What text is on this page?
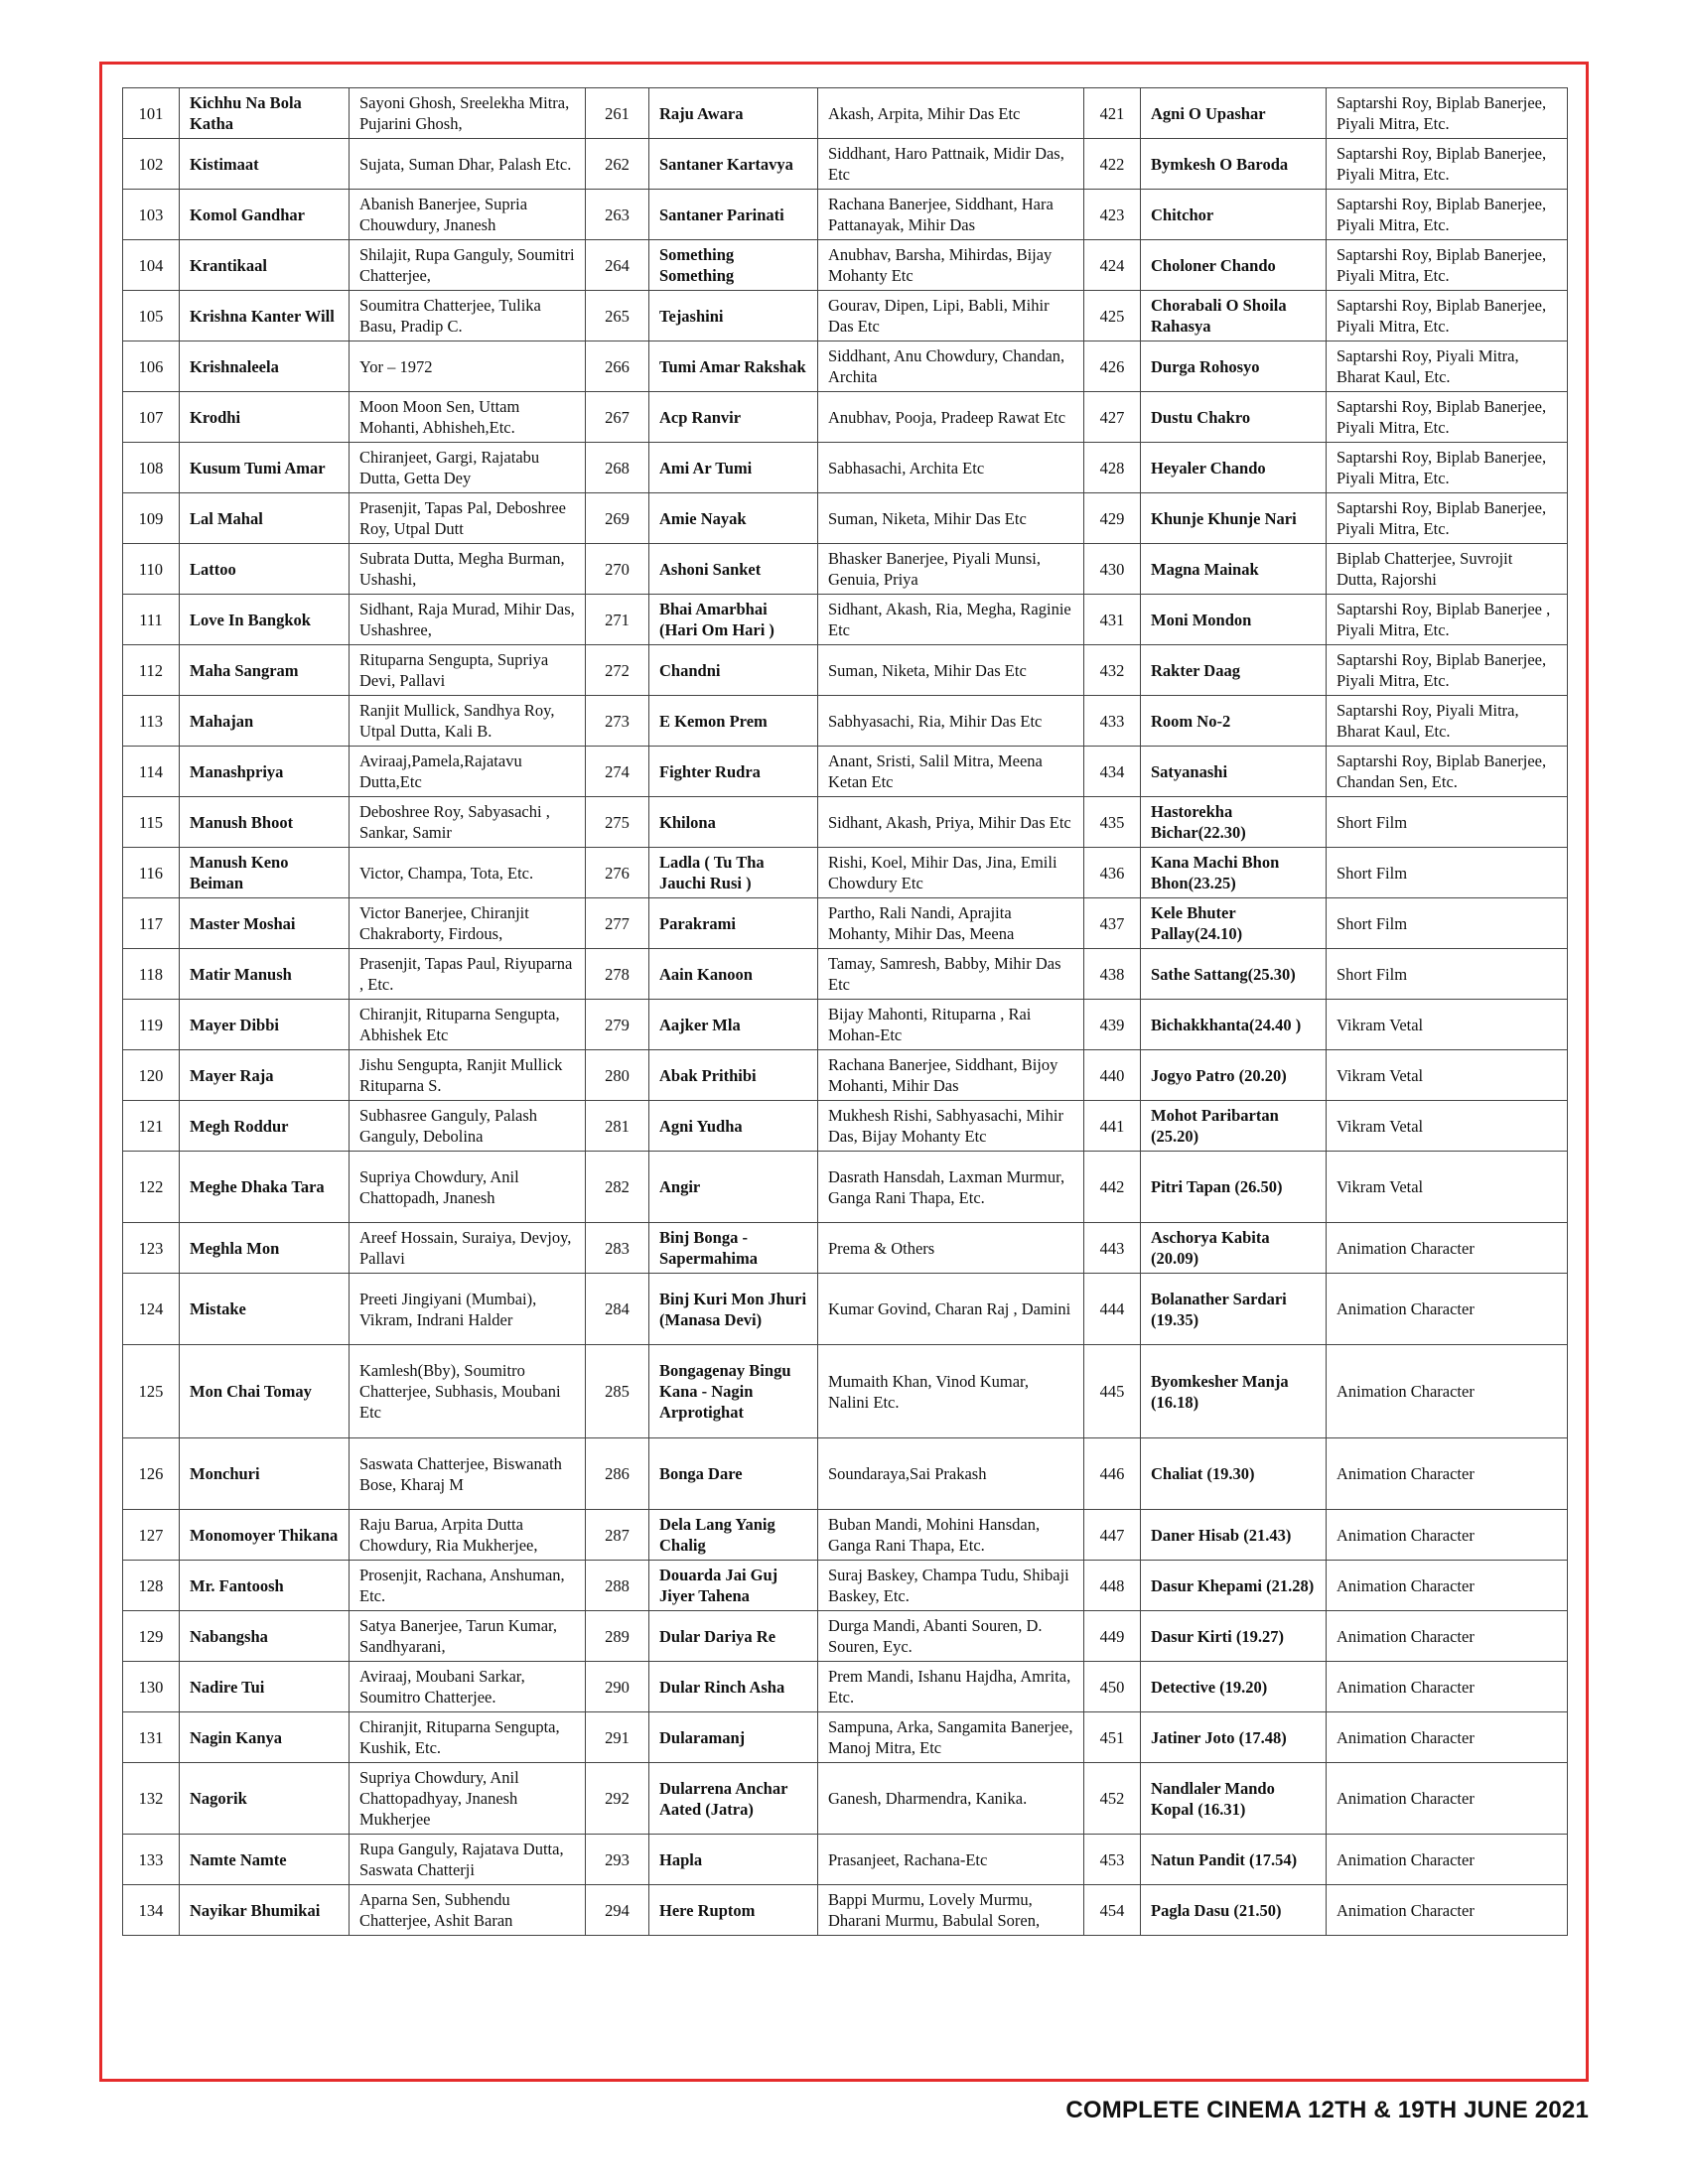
101	Kichhu Na Bola Katha	Sayoni Ghosh, Sreelekha Mitra, Pujarini Ghosh,	261	Raju Awara	Akash, Arpita, Mihir Das Etc	421	Agni O Upashar	Saptarshi Roy, Biplab Banerjee, Piyali Mitra, Etc.
102	Kistimaat	Sujata, Suman Dhar, Palash Etc.	262	Santaner Kartavya	Siddhant, Haro Pattnaik, Midir Das, Etc	422	Bymkesh O Baroda	Saptarshi Roy, Biplab Banerjee, Piyali Mitra, Etc.
103	Komol Gandhar	Abanish Banerjee, Supria Chouwdury, Jnanesh	263	Santaner Parinati	Rachana Banerjee, Siddhant, Hara Pattanayak, Mihir Das	423	Chitchor	Saptarshi Roy, Biplab Banerjee, Piyali Mitra, Etc.
104	Krantikaal	Shilajit, Rupa Ganguly, Soumitri Chatterjee,	264	Something Something	Anubhav, Barsha, Mihirdas, Bijay Mohanty Etc	424	Choloner Chando	Saptarshi Roy, Biplab Banerjee, Piyali Mitra, Etc.
105	Krishna Kanter Will	Soumitra Chatterjee, Tulika Basu, Pradip C.	265	Tejashini	Gourav, Dipen, Lipi, Babli, Mihir Das Etc	425	Chorabali O Shoila Rahasya	Saptarshi Roy, Biplab Banerjee, Piyali Mitra, Etc.
106	Krishnaleela	Yor – 1972	266	Tumi Amar Rakshak	Siddhant, Anu Chowdury, Chandan, Archita	426	Durga Rohosyo	Saptarshi Roy, Piyali Mitra, Bharat Kaul, Etc.
107	Krodhi	Moon Moon Sen, Uttam Mohanti, Abhisheh,Etc.	267	Acp Ranvir	Anubhav, Pooja, Pradeep Rawat Etc	427	Dustu Chakro	Saptarshi Roy, Biplab Banerjee, Piyali Mitra, Etc.
108	Kusum Tumi Amar	Chiranjeet, Gargi, Rajatabu Dutta, Getta Dey	268	Ami Ar Tumi	Sabhasachi, Archita Etc	428	Heyaler Chando	Saptarshi Roy, Biplab Banerjee, Piyali Mitra, Etc.
109	Lal Mahal	Prasenjit, Tapas Pal, Deboshree Roy, Utpal Dutt	269	Amie Nayak	Suman, Niketa, Mihir Das Etc	429	Khunje Khunje Nari	Saptarshi Roy, Biplab Banerjee, Piyali Mitra, Etc.
110	Lattoo	Subrata Dutta, Megha Burman, Ushashi,	270	Ashoni Sanket	Bhasker Banerjee, Piyali Munsi, Genuia, Priya	430	Magna Mainak	Biplab Chatterjee, Suvrojit Dutta, Rajorshi
111	Love In Bangkok	Sidhant, Raja Murad, Mihir Das, Ushashree,	271	Bhai Amarbhai (Hari Om Hari )	Sidhant, Akash, Ria, Megha, Raginie Etc	431	Moni Mondon	Saptarshi Roy, Biplab Banerjee , Piyali Mitra, Etc.
112	Maha Sangram	Rituparna Sengupta, Supriya Devi, Pallavi	272	Chandni	Suman, Niketa, Mihir Das Etc	432	Rakter Daag	Saptarshi Roy, Biplab Banerjee, Piyali Mitra, Etc.
113	Mahajan	Ranjit Mullick, Sandhya Roy, Utpal Dutta, Kali B.	273	E Kemon Prem	Sabhyasachi, Ria, Mihir Das Etc	433	Room No-2	Saptarshi Roy, Piyali Mitra, Bharat Kaul, Etc.
114	Manashpriya	Aviraaj,Pamela,Rajatavu Dutta,Etc	274	Fighter Rudra	Anant, Sristi, Salil Mitra, Meena Ketan Etc	434	Satyanashi	Saptarshi Roy, Biplab Banerjee, Chandan Sen, Etc.
115	Manush Bhoot	Deboshree Roy, Sabyasachi , Sankar, Samir	275	Khilona	Sidhant, Akash, Priya, Mihir Das Etc	435	Hastorekha Bichar(22.30)	Short Film
116	Manush Keno Beiman	Victor, Champa, Tota, Etc.	276	Ladla ( Tu Tha Jauchi Rusi )	Rishi, Koel, Mihir Das, Jina, Emili Chowdury Etc	436	Kana Machi Bhon Bhon(23.25)	Short Film
117	Master Moshai	Victor Banerjee, Chiranjit Chakraborty, Firdous,	277	Parakrami	Partho, Rali Nandi, Aprajita Mohanty, Mihir Das, Meena	437	Kele Bhuter Pallay(24.10)	Short Film
118	Matir Manush	Prasenjit, Tapas Paul, Riyuparna , Etc.	278	Aain Kanoon	Tamay, Samresh, Babby, Mihir Das Etc	438	Sathe Sattang(25.30)	Short Film
119	Mayer Dibbi	Chiranjit, Rituparna Sengupta, Abhishek Etc	279	Aajker Mla	Bijay Mahonti, Rituparna , Rai Mohan-Etc	439	Bichakkhanta(24.40 )	Vikram Vetal
120	Mayer Raja	Jishu Sengupta, Ranjit Mullick Rituparna S.	280	Abak Prithibi	Rachana Banerjee, Siddhant, Bijoy Mohanti, Mihir Das	440	Jogyo Patro (20.20)	Vikram Vetal
121	Megh Roddur	Subhasree Ganguly, Palash Ganguly, Debolina	281	Agni Yudha	Mukhesh Rishi, Sabhyasachi, Mihir Das, Bijay Mohanty Etc	441	Mohot Paribartan (25.20)	Vikram Vetal
122	Meghe Dhaka Tara	Supriya Chowdury, Anil Chattopadh, Jnanesh	282	Angir	Dasrath Hansdah, Laxman Murmur, Ganga Rani Thapa, Etc.	442	Pitri Tapan (26.50)	Vikram Vetal
123	Meghla Mon	Areef Hossain, Suraiya, Devjoy, Pallavi	283	Binj Bonga - Sapermahima	Prema & Others	443	Aschorya Kabita (20.09)	Animation Character
124	Mistake	Preeti Jingiyani (Mumbai), Vikram, Indrani Halder	284	Binj Kuri Mon Jhuri (Manasa Devi)	Kumar Govind, Charan Raj , Damini	444	Bolanather Sardari (19.35)	Animation Character
125	Mon Chai Tomay	Kamlesh(Bby), Soumitro Chatterjee, Subhasis, Moubani Etc	285	Bongagenay Bingu Kana - Nagin Arprotighat	Mumaith Khan, Vinod Kumar, Nalini Etc.	445	Byomkesher Manja (16.18)	Animation Character
126	Monchuri	Saswata Chatterjee, Biswanath Bose, Kharaj M	286	Bonga Dare	Soundaraya,Sai Prakash	446	Chaliat (19.30)	Animation Character
127	Monomoyer Thikana	Raju Barua, Arpita Dutta Chowdury, Ria Mukherjee,	287	Dela Lang Yanig Chalig	Buban Mandi, Mohini Hansdan, Ganga Rani Thapa, Etc.	447	Daner Hisab (21.43)	Animation Character
128	Mr. Fantoosh	Prosenjit, Rachana, Anshuman, Etc.	288	Douarda Jai Guj Jiyer Tahena	Suraj Baskey, Champa Tudu, Shibaji Baskey, Etc.	448	Dasur Khepami (21.28)	Animation Character
129	Nabangsha	Satya Banerjee, Tarun Kumar, Sandhyarani,	289	Dular Dariya Re	Durga Mandi, Abanti Souren, D. Souren, Eyc.	449	Dasur Kirti (19.27)	Animation Character
130	Nadire Tui	Aviraaj, Moubani Sarkar, Soumitro Chatterjee.	290	Dular Rinch Asha	Prem Mandi, Ishanu Hajdha, Amrita, Etc.	450	Detective (19.20)	Animation Character
131	Nagin Kanya	Chiranjit, Rituparna Sengupta, Kushik, Etc.	291	Dularamanj	Sampuna, Arka, Sangamita Banerjee, Manoj Mitra, Etc	451	Jatiner Joto (17.48)	Animation Character
132	Nagorik	Supriya Chowdury, Anil Chattopadhyay, Jnanesh Mukherjee	292	Dularrena Anchar Aated (Jatra)	Ganesh, Dharmendra, Kanika.	452	Nandlaler Mando Kopal (16.31)	Animation Character
133	Namte Namte	Rupa Ganguly, Rajatava Dutta, Saswata Chatterji	293	Hapla	Prasanjeet, Rachana-Etc	453	Natun Pandit (17.54)	Animation Character
134	Nayikar Bhumikai	Aparna Sen, Subhendu Chatterjee, Ashit Baran	294	Here Ruptom	Bappi Murmu, Lovely Murmu, Dharani Murmu, Babulal Soren,	454	Pagla Dasu (21.50)	Animation Character
COMPLETE CINEMA 12TH & 19TH JUNE 2021
